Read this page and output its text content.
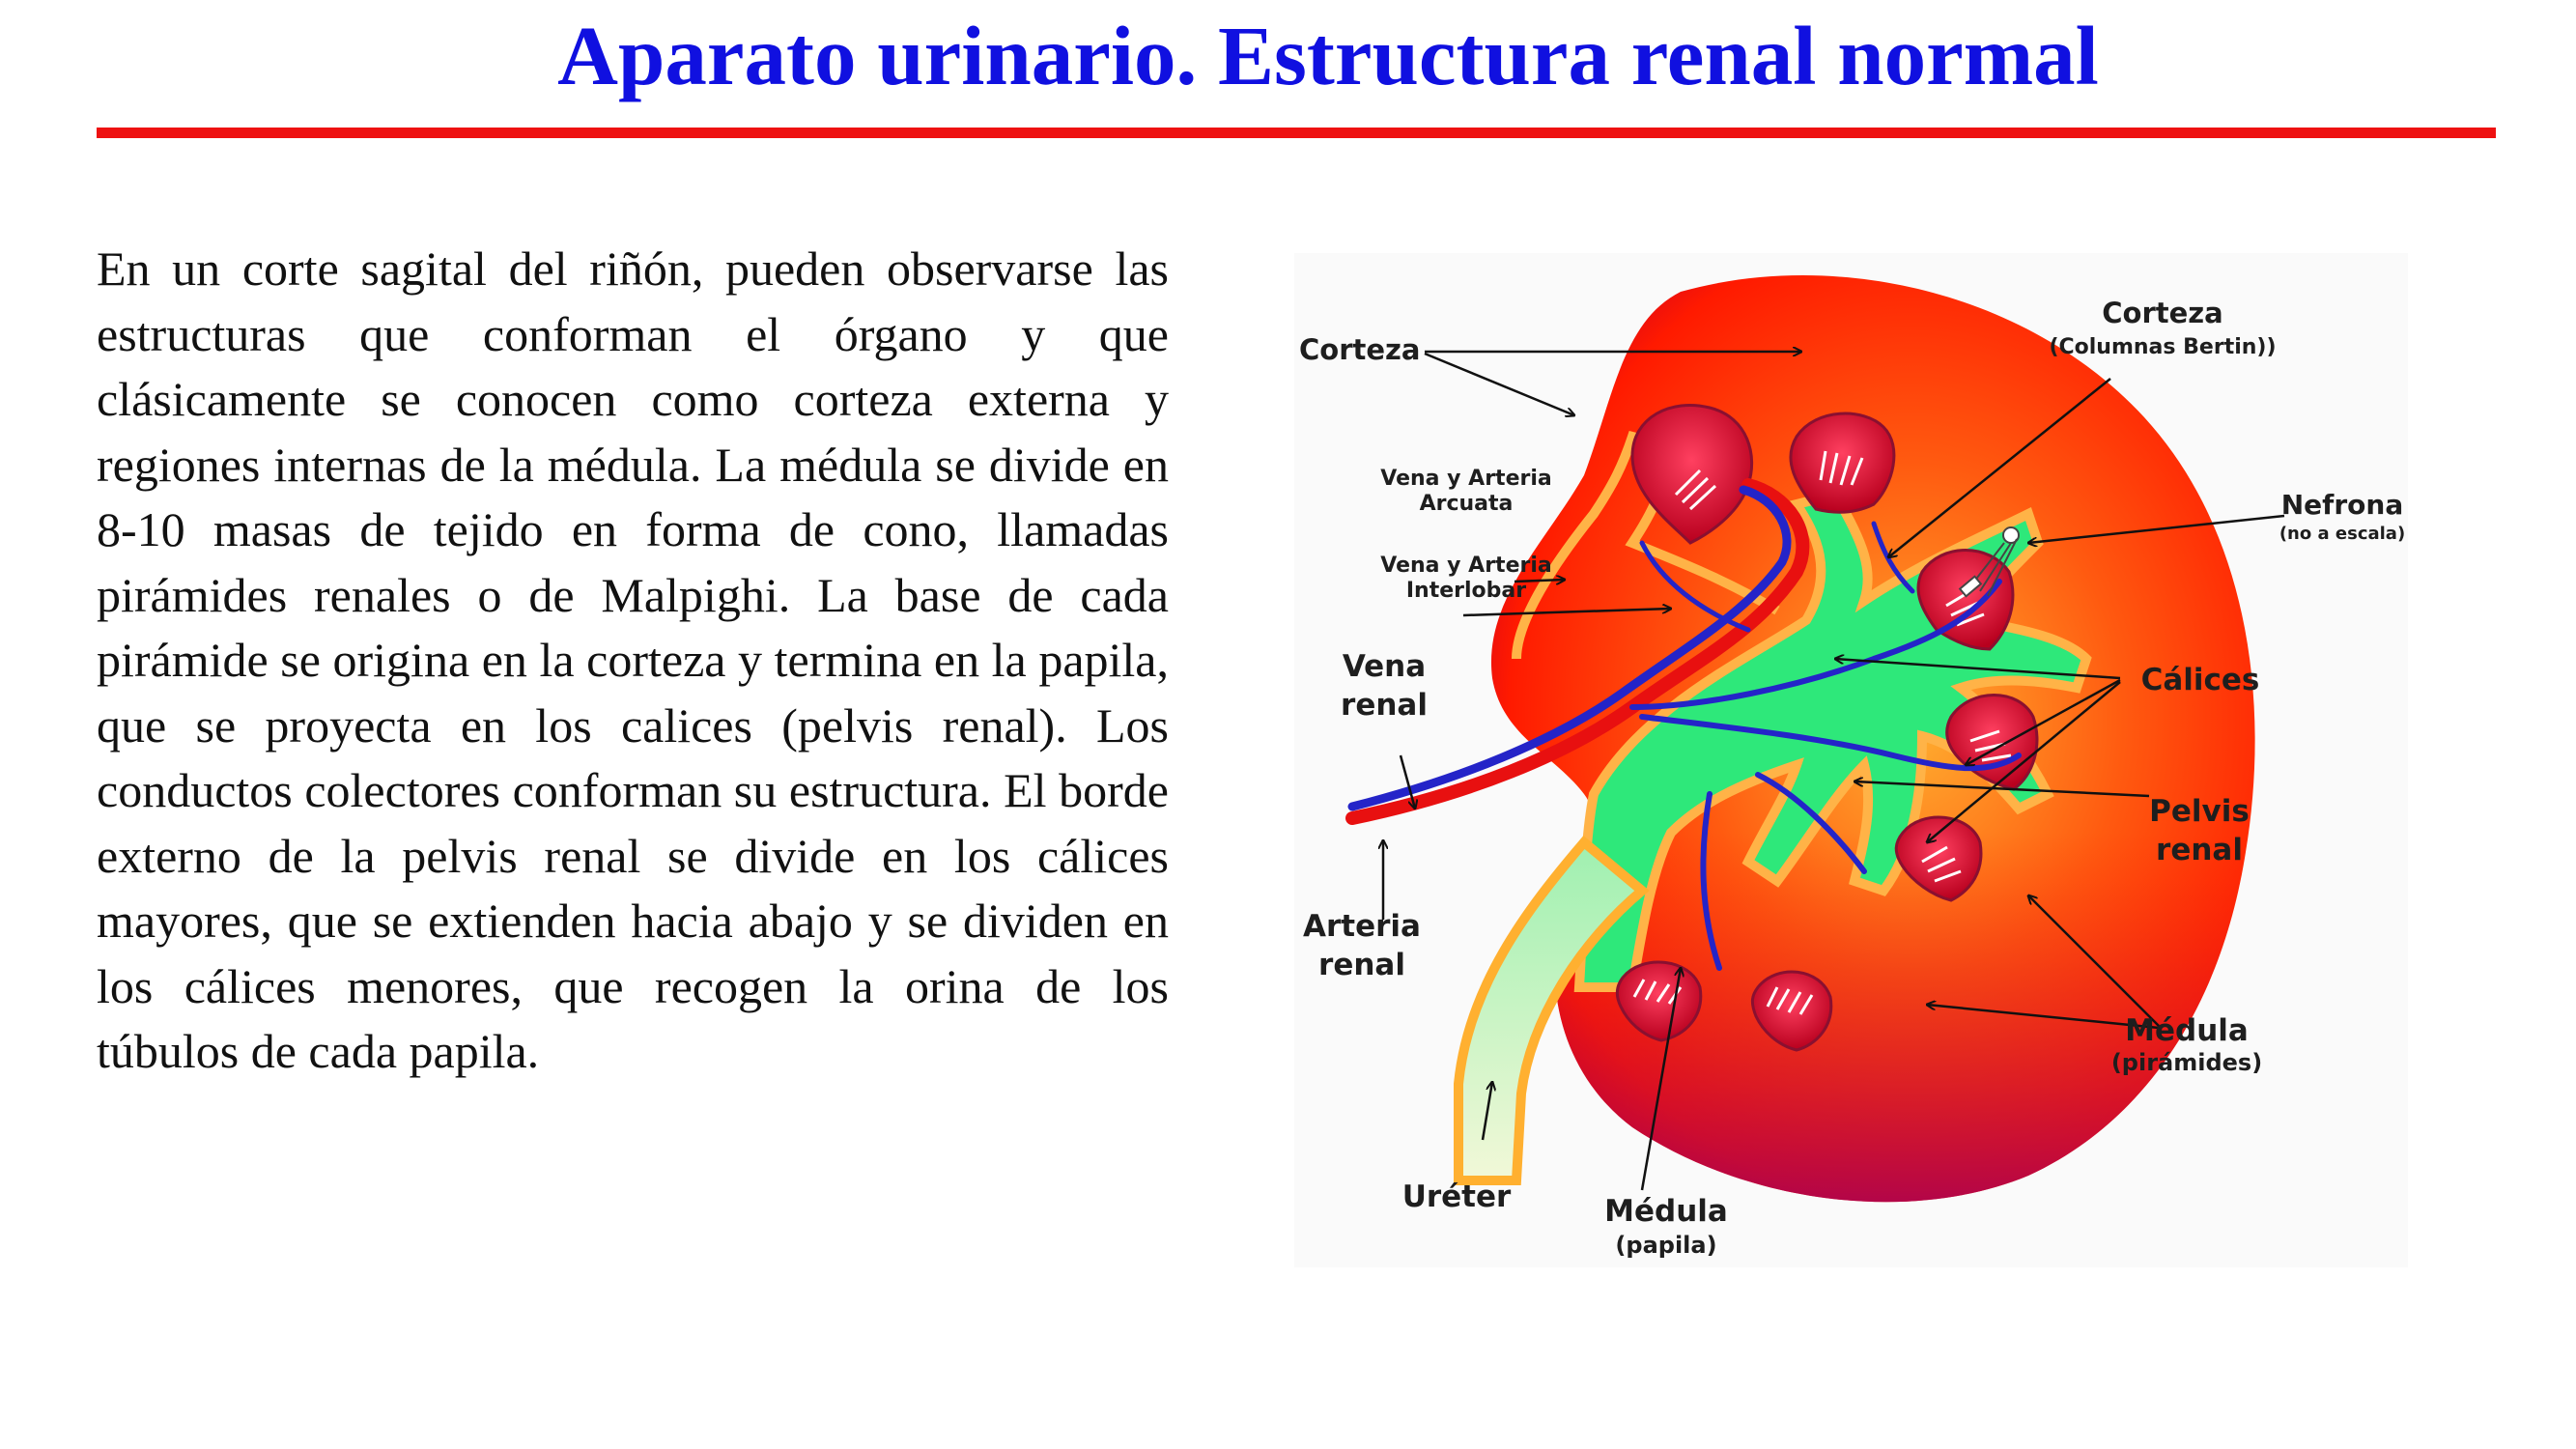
Aparato urinario. Estructura renal normal

En un corte sagital del riñón, pueden observarse las estructuras que conforman el órgano y que clásicamente se conocen como corteza externa y regiones internas de la médula. La médula se divide en 8-10 masas de tejido en forma de cono, llamadas pirámides renales o de Malpighi. La base de cada pirámide se origina en la corteza y termina en la papila, que se proyecta en los calices (pelvis renal). Los conductos colectores conforman su estructura. El borde externo de la pelvis renal se divide en los cálices mayores, que se extienden hacia abajo y se dividen en los cálices menores, que recogen la orina de los túbulos de cada papila.

Corteza
Corteza
(Columnas Bertin))
Vena y Arteria
Arcuata
Vena y Arteria
Interlobar
Nefrona
(no a escala)
Vena
renal
Cálices
Pelvis
renal
Arteria
renal
Médula
(pirámides)
Uréter	Médula
(papila)
